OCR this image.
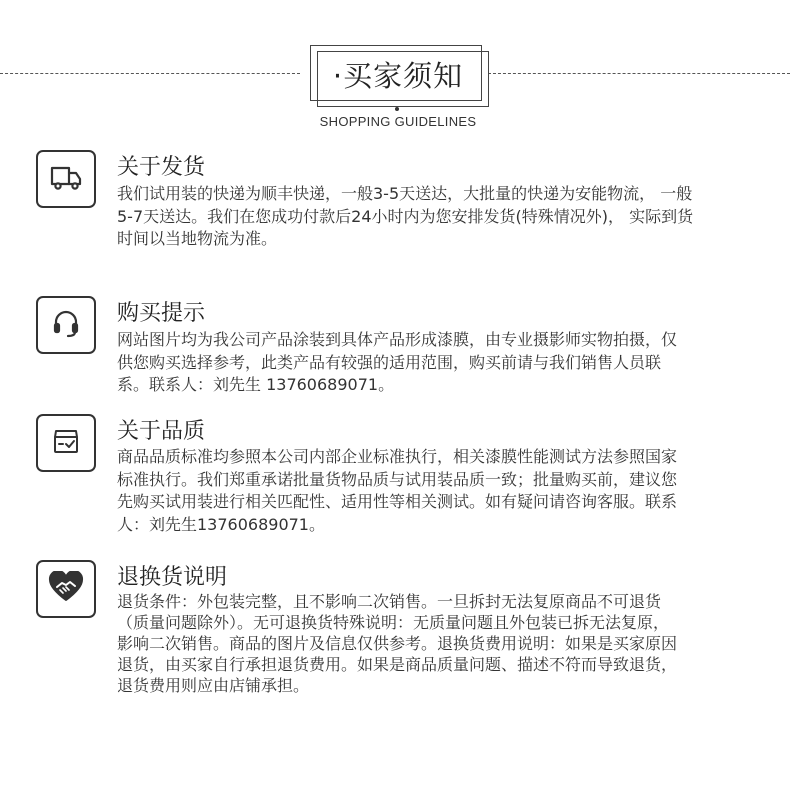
·买家须知
SHOPPING GUIDELINES
关于发货

我们试用装的快递为顺丰快递，一般3-5天送达，大批量的快递为安能物流， 一般

5-7天送达。我们在您成功付款后24小时内为您安排发货(特殊情况外)， 实际到货

时间以当地物流为准。

购买提示

网站图片均为我公司产品涂装到具体产品形成漆膜，由专业摄影师实物拍摄，仅

供您购买选择参考，此类产品有较强的适用范围，购买前请与我们销售人员联

系。联系人：刘先生 13760689071。

关于品质

商品品质标准均参照本公司内部企业标准执行，相关漆膜性能测试方法参照国家

标准执行。我们郑重承诺批量货物品质与试用装品质一致；批量购买前，建议您

先购买试用装进行相关匹配性、适用性等相关测试。如有疑问请咨询客服。联系

人：刘先生13760689071。

退换货说明

退货条件：外包装完整，且不影响二次销售。一旦拆封无法复原商品不可退货

（质量问题除外）。无可退换货特殊说明：无质量问题且外包装已拆无法复原，

影响二次销售。商品的图片及信息仅供参考。退换货费用说明：如果是买家原因

退货，由买家自行承担退货费用。如果是商品质量问题、描述不符而导致退货，

退货费用则应由店铺承担。
